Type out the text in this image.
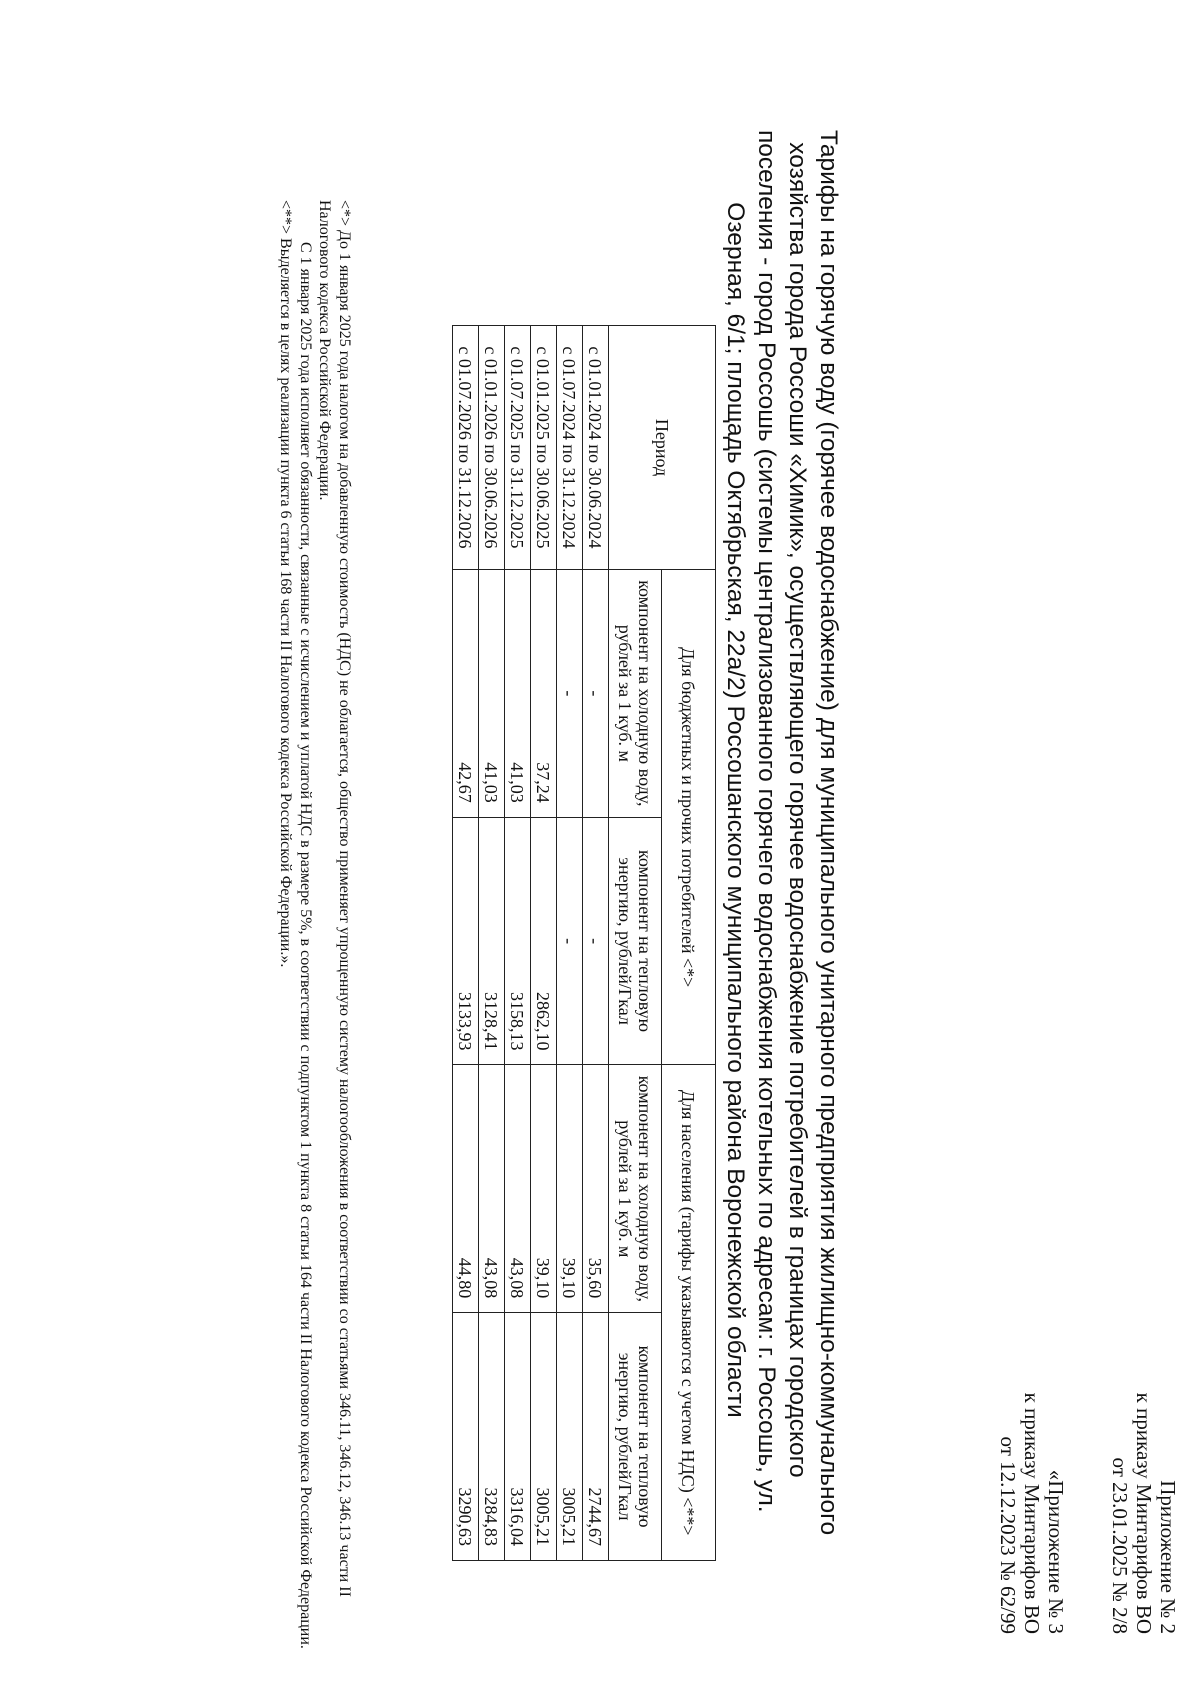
Приложение № 2
к приказу Минтарифов ВО
от 23.01.2025 № 2/8
«Приложение № 3
к приказу Минтарифов ВО
от 12.12.2023 № 62/99
Тарифы на горячую воду (горячее водоснабжение) для муниципального унитарного предприятия жилищно-коммунального
хозяйства города Россоши «Химик», осуществляющего горячее водоснабжение потребителей в границах городского
поселения - город Россошь (системы централизованного горячего водоснабжения котельных по адресам: г. Россошь, ул.
Озерная, 6/1; площадь Октябрьская, 22а/2) Россошанского муниципального района Воронежской области
Период	Для бюджетных и прочих потребителей <*>		Для населения (тарифы указываются с учетом НДС) <**>	
	компонент на холодную воду, рублей за 1 куб. м	компонент на тепловую энергию, рублей/Гкал	компонент на холодную воду, рублей за 1 куб. м	компонент на тепловую энергию, рублей/Гкал
с 01.01.2024 по 30.06.2024	-	-	35,60	2744,67
с 01.07.2024 по 31.12.2024	-	-	39,10	3005,21
с 01.01.2025 по 30.06.2025	37,24	2862,10	39,10	3005,21
с 01.07.2025 по 31.12.2025	41,03	3158,13	43,08	3316,04
с 01.01.2026 по 30.06.2026	41,03	3128,41	43,08	3284,83
с 01.07.2026 по 31.12.2026	42,67	3133,93	44,80	3290,63

<*> До 1 января 2025 года налогом на добавленную стоимость (НДС) не облагается, общество применяет упрощенную систему налогообложения в соответствии со статьями 346.11, 346.12, 346.13 части II Налогового кодекса Российской Федерации.

С 1 января 2025 года исполняет обязанности, связанные с исчислением и уплатой НДС в размере 5%, в соответствии с подпунктом 1 пункта 8 статьи 164 части II Налогового кодекса Российской Федерации.

<**> Выделяется в целях реализации пункта 6 статьи 168 части II Налогового кодекса Российской Федерации.».
